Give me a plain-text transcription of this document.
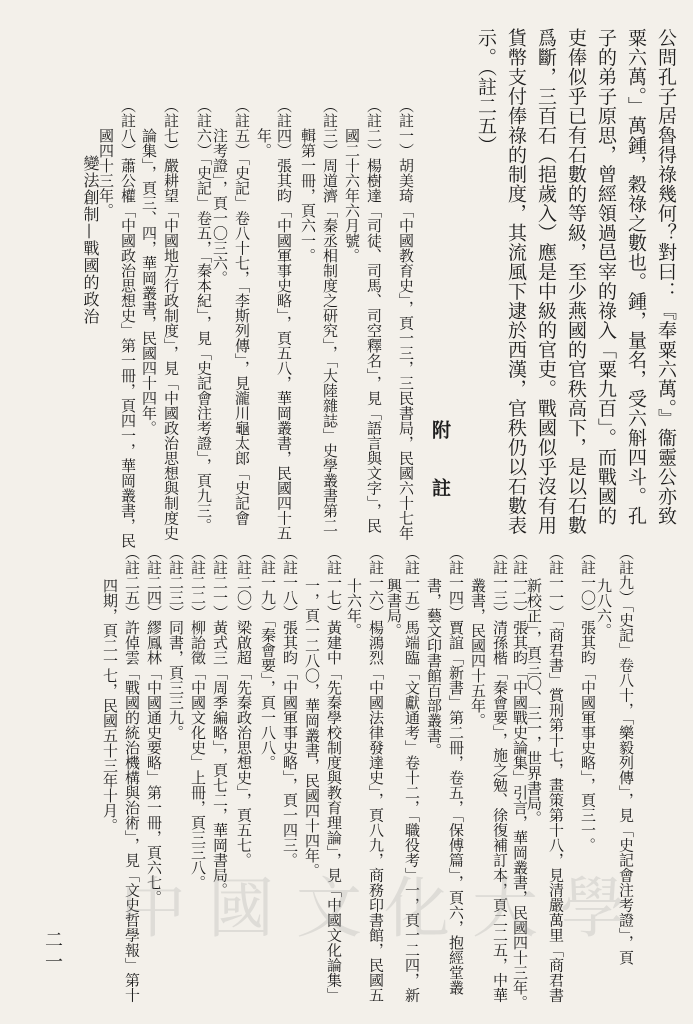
公問孔子居魯得祿幾何？對曰：『奉粟六萬。』衞靈公亦致
粟六萬。」萬鍾，穀祿之數也。鍾，量名，受六斛四斗。孔
子的弟子原思，曾經領過邑宰的祿入「粟九百」。而戰國的
吏俸似乎已有石數的等級，至少燕國的官秩高下，是以石數
爲斷，三百石（挹歲入）應是中級的官吏。戰國似乎沒有用
貨幣支付俸祿的制度，其流風下逮於西漢，官秩仍以石數表
示。（註二五）
（註一）胡美琦「中國教育史」，頁一三，三民書局，民國六十七年
（註二）楊樹達「司徒、司馬、司空釋名」，見「語言與文字」，民
國二十六年六月號。
（註三）周道濟「秦丞相制度之研究」，「大陸雜誌」史學叢書第二
輯第一冊，頁六一。
（註四）張其昀「中國軍事史略」，頁五八，華岡叢書，民國四十五
年。
（註五）「史記」卷八十七，「李斯列傳」，見瀧川龜太郎「史記會
注考證」，頁一〇三六。
（註六）「史記」卷五，「秦本紀」，見「史記會注考證」，頁九三。
（註七）嚴耕望「中國地方行政制度」，見「中國政治思想與制度史
論集」，頁三、四，華岡叢書，民國四十四年。
（註八）蕭公權「中國政治思想史」第一冊，頁四一，華岡叢書，民
國四十三年。
（註九）「史記」卷八十，「樂毅列傳」，見「史記會注考證」，頁
九八六。
（註一〇）張其昀「中國軍事史略」，頁三一。
（註一一）「商君書」賞刑第十七，畫策第十八，見清嚴萬里「商君書
新校正」，頁三〇、三一，世界書局。
（註一二）張其昀「中國戰史論集」引言，華岡叢書，民國四十三年。
（註一三）清孫楷「秦會要」，施之勉、徐復補訂本，頁二二五，中華
叢書，民國四十五年。
（註一四）賈誼「新書」第二冊，卷五，「保傅篇」，頁六，抱經堂叢
書，藝文印書館百部叢書。
（註一五）馬端臨「文獻通考」卷十二，「職役考」一，頁一二四，新
興書局。
（註一六）楊鴻烈「中國法律發達史」，頁八九，商務印書館，民國五
十六年。
（註一七）黃建中「先秦學校制度與教育理論」，見「中國文化論集」
一，頁一二八〇，華岡叢書，民國四十四年。
（註一八）張其昀「中國軍事史略」，頁一四三。
（註一九）「秦會要」，頁一八八。
（註二〇）梁啟超「先秦政治思想史」，頁五七。
（註二一）黃式三「周季編略」，頁七二，華岡書局。
（註二二）柳詒徵「中國文化史」上冊，頁三三八。
（註二三）同書，頁三三九。
（註二四）繆鳳林「中國通史要略」第一冊，頁六七。
（註二五）許倬雲「戰國的統治機構與治術」，見「文史哲學報」第十
四期，頁二一七，民國五十三年十月。
中國文化大學
附　註
變法創制—戰國的政治
二一
